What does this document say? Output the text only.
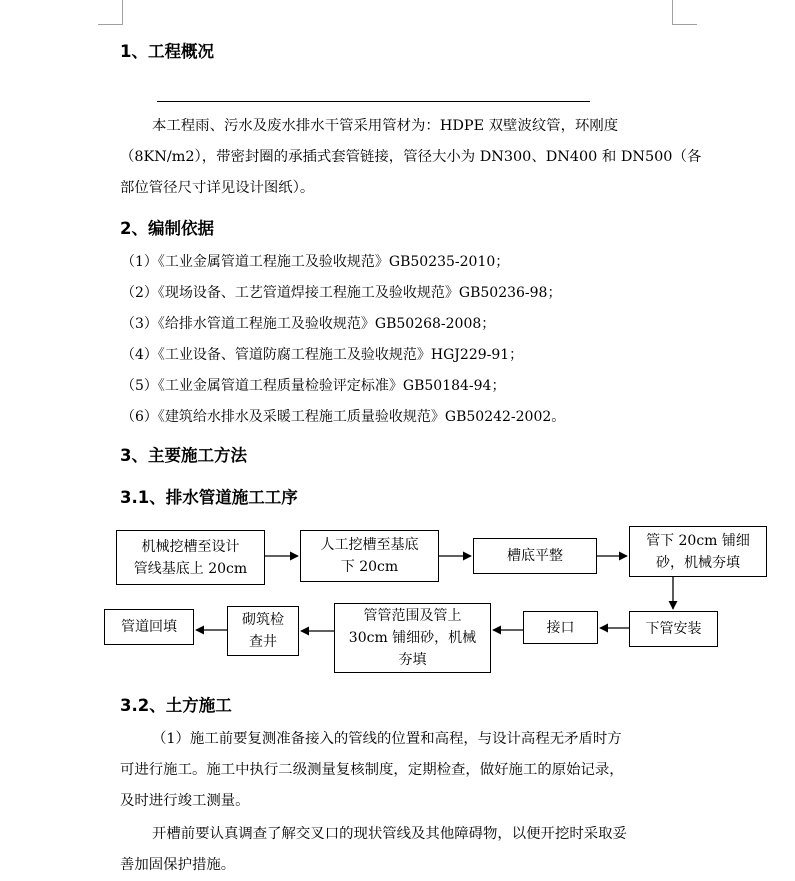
1、工程概况
本工程雨、污水及废水排水干管采用管材为：HDPE 双壁波纹管，环刚度
（8KN/m2），带密封圈的承插式套管链接，管径大小为 DN300、DN400 和 DN500（各
部位管径尺寸详见设计图纸）。
2、编制依据
（1）《工业金属管道工程施工及验收规范》GB50235-2010；
（2）《现场设备、工艺管道焊接工程施工及验收规范》GB50236-98；
（3）《给排水管道工程施工及验收规范》GB50268-2008；
（4）《工业设备、管道防腐工程施工及验收规范》HGJ229-91；
（5）《工业金属管道工程质量检验评定标准》GB50184-94；
（6）《建筑给水排水及采暖工程施工质量验收规范》GB50242-2002。
3、主要施工方法
3.1、排水管道施工工序
机械挖槽至设计
管线基底上 20cm
人工挖槽至基底
下 20cm
槽底平整
管下 20cm 铺细
砂，机械夯填
下管安装
接口
管管范围及管上
30cm 铺细砂，机械
夯填
砌筑检
查井
管道回填
3.2、土方施工
（1）施工前要复测准备接入的管线的位置和高程，与设计高程无矛盾时方
可进行施工。施工中执行二级测量复核制度，定期检查，做好施工的原始记录，
及时进行竣工测量。
开槽前要认真调查了解交叉口的现状管线及其他障碍物，以便开挖时采取妥
善加固保护措施。
